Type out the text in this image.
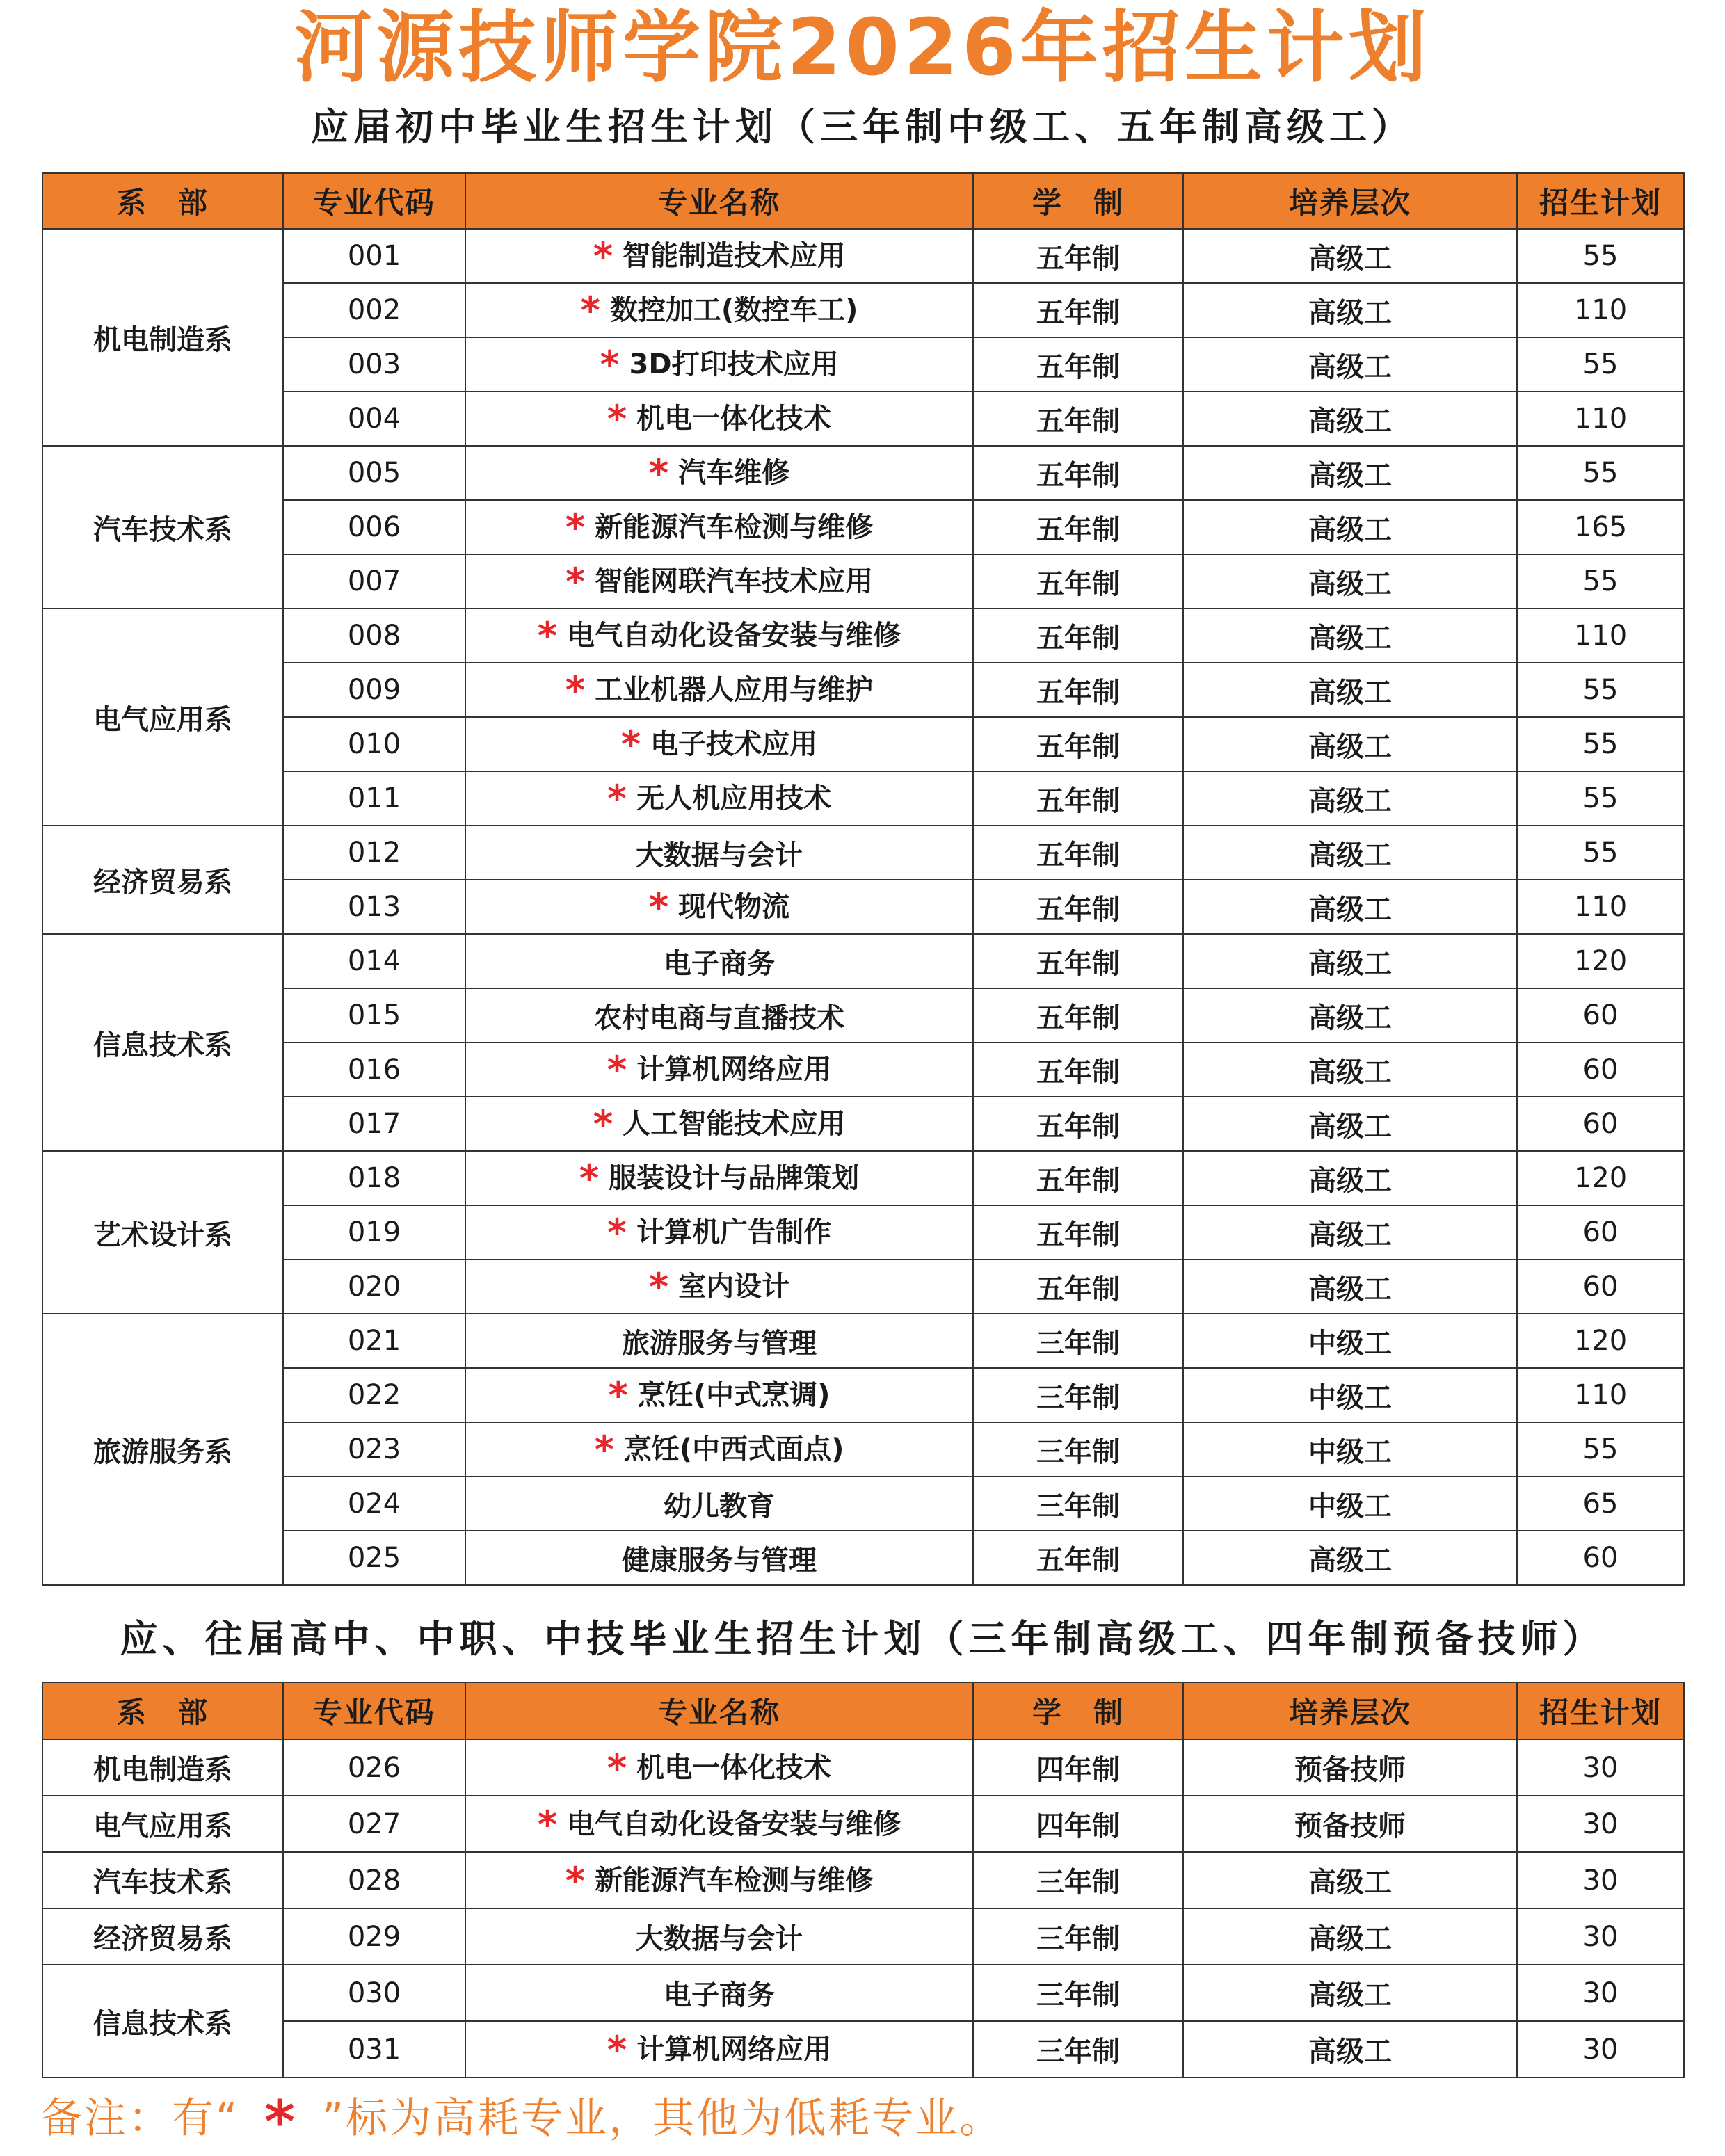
河源技师学院2026年招生计划
应届初中毕业生招生计划（三年制中级工、五年制高级工）
系　部	专业代码	专业名称	学　制	培养层次	招生计划
机电制造系	001	* 智能制造技术应用	五年制	高级工	55
	002	* 数控加工(数控车工)	五年制	高级工	110
	003	* 3D打印技术应用	五年制	高级工	55
	004	* 机电一体化技术	五年制	高级工	110
汽车技术系	005	* 汽车维修	五年制	高级工	55
	006	* 新能源汽车检测与维修	五年制	高级工	165
	007	* 智能网联汽车技术应用	五年制	高级工	55
电气应用系	008	* 电气自动化设备安装与维修	五年制	高级工	110
	009	* 工业机器人应用与维护	五年制	高级工	55
	010	* 电子技术应用	五年制	高级工	55
	011	* 无人机应用技术	五年制	高级工	55
经济贸易系	012	大数据与会计	五年制	高级工	55
	013	* 现代物流	五年制	高级工	110
信息技术系	014	电子商务	五年制	高级工	120
	015	农村电商与直播技术	五年制	高级工	60
	016	* 计算机网络应用	五年制	高级工	60
	017	* 人工智能技术应用	五年制	高级工	60
艺术设计系	018	* 服装设计与品牌策划	五年制	高级工	120
	019	* 计算机广告制作	五年制	高级工	60
	020	* 室内设计	五年制	高级工	60
旅游服务系	021	旅游服务与管理	三年制	中级工	120
	022	* 烹饪(中式烹调)	三年制	中级工	110
	023	* 烹饪(中西式面点)	三年制	中级工	55
	024	幼儿教育	三年制	中级工	65
	025	健康服务与管理	五年制	高级工	60
应、往届高中、中职、中技毕业生招生计划（三年制高级工、四年制预备技师）
系　部	专业代码	专业名称	学　制	培养层次	招生计划
机电制造系	026	* 机电一体化技术	四年制	预备技师	30
电气应用系	027	* 电气自动化设备安装与维修	四年制	预备技师	30
汽车技术系	028	* 新能源汽车检测与维修	三年制	高级工	30
经济贸易系	029	大数据与会计	三年制	高级工	30
信息技术系	030	电子商务	三年制	高级工	30
	031	* 计算机网络应用	三年制	高级工	30
备注：有“ * ”标为高耗专业，其他为低耗专业。
